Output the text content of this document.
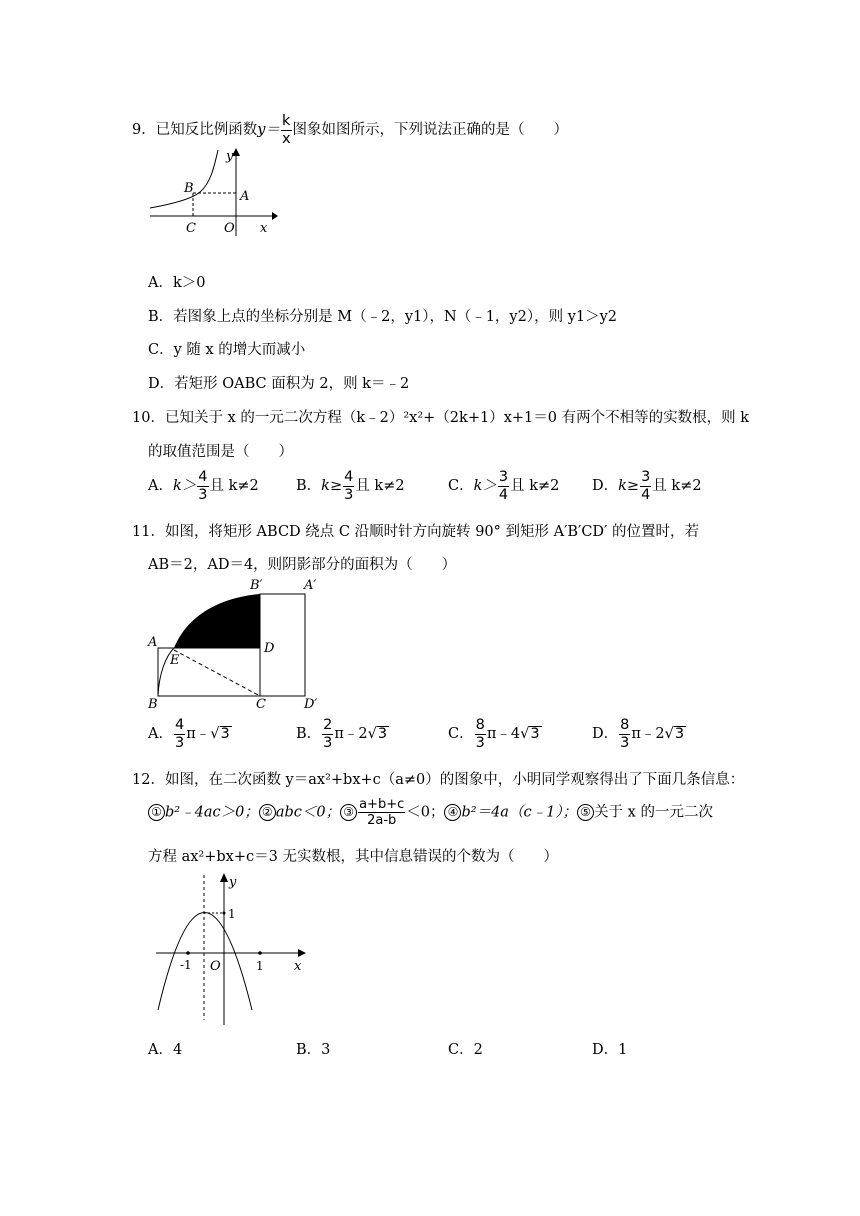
9．已知反比例函数$y= \frac{k}{x}$ 图象如图所示，下列说法正确的是（　　）
y
B
A
C O x
A．k＞0
B．若图象上点的坐标分别是 M（﹣2，y1），N（﹣1，y2），则 y1＞y2
C．y 随 x 的增大而减小
D．若矩形 OABC 面积为 2，则 k＝﹣2
10．已知关于 x 的一元二次方程（k﹣2）²x²+（2k+1）x+1＝0 有两个不相等的实数根，则 k
的取值范围是（　　）
A．$k> \frac{4}{3}$ 且 k≠2	B．$k\ge \frac{4}{3}$ 且 k≠2	C．$k> \frac{3}{4}$ 且 k≠2 D．$k\ge \frac{3}{4}$ 且 k≠2
11．如图，将矩形 ABCD 绕点 C 沿顺时针方向旋转 90° 到矩形 A′B′CD′ 的位置时，若
AB＝2，AD＝4，则阴影部分的面积为（　　）
B′	A′
A
E
D
B	C	D′
A． $\frac{4}{3}$ π﹣√3	B． $\frac{2}{3}$ π﹣2√3	C． $\frac{8}{3}$ π﹣4√3	D． $\frac{8}{3}$ π﹣2√3
12．如图，在二次函数 y＝ax²+bx+c（a≠0）的图象中，小明同学观察得出了下面几条信息：
① b²﹣4ac＞0； ② abc＜0； ③ $\frac{a+b+c}{2a-b} <0$； ④ b²＝4a（c﹣1）； ⑤ 关于 x 的一元二次
方程 ax²+bx+c＝3 无实数根，其中信息错误的个数为（　　）
y
1
-1 O	1 x
A．4	B．3	C．2	D．1
